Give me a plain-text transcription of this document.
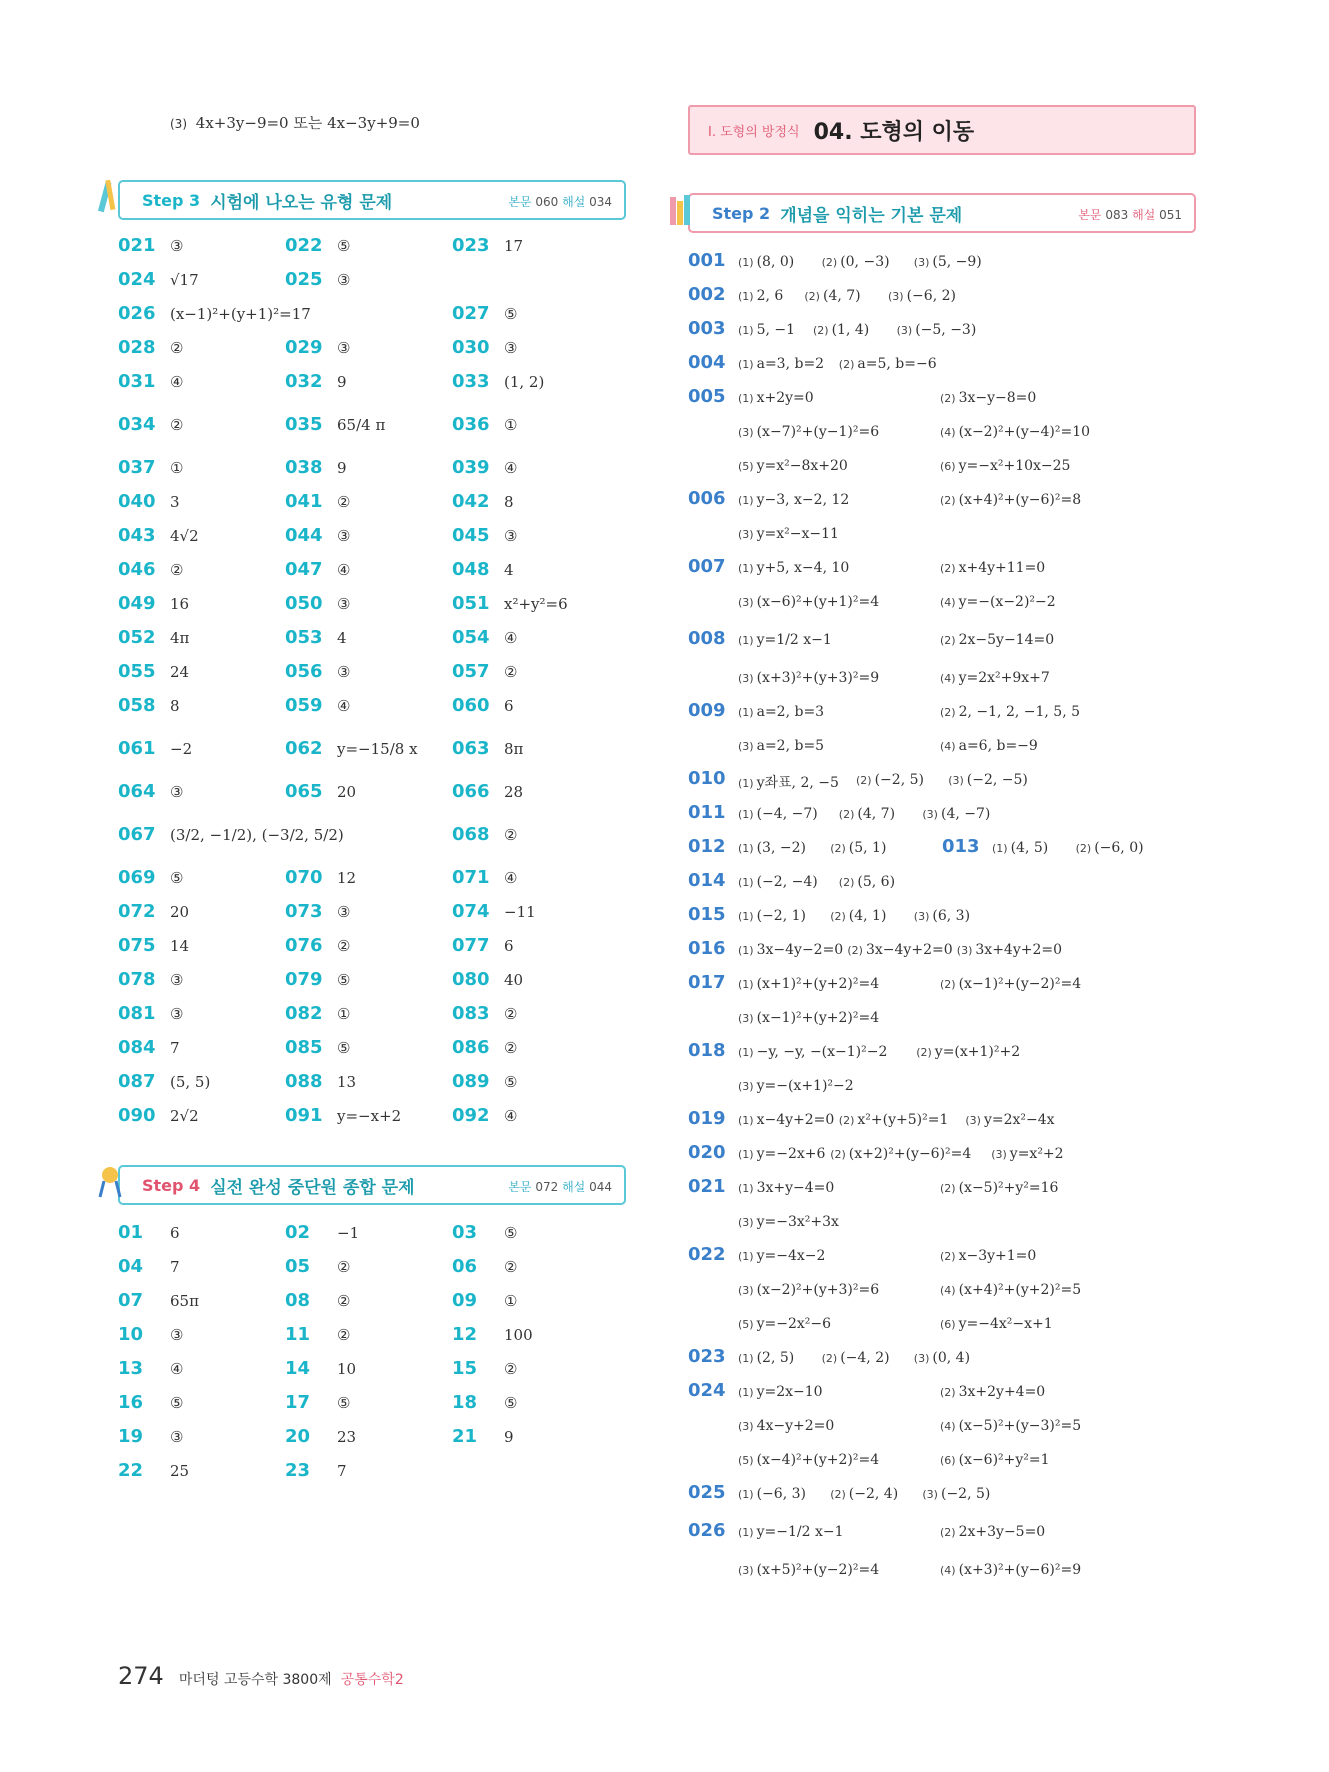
(3) 4x+3y−9=0 또는 4x−3y+9=0
Step 3 시험에 나오는 유형 문제	본문 060 해설 034
021 ③	022 ⑤	023 17
024 √17	025 ③
026 (x−1)²+(y+1)²=17	027 ⑤
028 ②	029 ③	030 ③
031 ④	032 9	033 (1, 2)
034 ②	035 65/4 π	036 ①
037 ①	038 9	039 ④
040 3	041 ②	042 8
043 4√2	044 ③	045 ③
046 ②	047 ④	048 4
049 16	050 ③	051 x²+y²=6
052 4π	053 4	054 ④
055 24	056 ③	057 ②
058 8	059 ④	060 6
061 −2	062 y=−15/8 x 063 8π
064 ③	065 20	066 28
067 (3/2, −1/2), (−3/2, 5/2)	068 ②
069 ⑤	070 12	071 ④
072 20	073 ③	074 −11
075 14	076 ②	077 6
078 ③	079 ⑤	080 40
081 ③	082 ①	083 ②
084 7	085 ⑤	086 ②
087 (5, 5)	088 13	089 ⑤
090 2√2	091 y=−x+2	092 ④
Step 4 실전 완성 중단원 종합 문제	본문 072 해설 044
01 6	02 −1	03 ⑤
04 7	05 ②	06 ②
07 65π	08 ②	09 ①
10 ③	11 ②	12 100
13 ④	14 10	15 ②
16 ⑤	17 ⑤	18 ⑤
19 ③	20 23	21 9
22 25	23 7
Ⅰ. 도형의 방정식 04. 도형의 이동
Step 2 개념을 익히는 기본 문제	본문 083 해설 051
001	(1) (8, 0) (2) (0, −3) (3) (5, −9)
002	(1) 2, 6 (2) (4, 7) (3) (−6, 2)
003	(1) 5, −1 (2) (1, 4) (3) (−5, −3)
004	(1) a=3, b=2 (2) a=5, b=−6
005	(1) x+2y=0	(2) 3x−y−8=0
(3) (x−7)²+(y−1)²=6	(4) (x−2)²+(y−4)²=10
(5) y=x²−8x+20	(6) y=−x²+10x−25
006	(1) y−3, x−2, 12	(2) (x+4)²+(y−6)²=8
(3) y=x²−x−11
007	(1) y+5, x−4, 10	(2) x+4y+11=0
(3) (x−6)²+(y+1)²=4	(4) y=−(x−2)²−2
008	(1) y=1/2 x−1	(2) 2x−5y−14=0
(3) (x+3)²+(y+3)²=9	(4) y=2x²+9x+7
009	(1) a=2, b=3	(2) 2, −1, 2, −1, 5, 5
(3) a=2, b=5	(4) a=6, b=−9
010	(1) y좌표, 2, −5 (2) (−2, 5) (3) (−2, −5)
011	(1) (−4, −7) (2) (4, 7) (3) (4, −7)
012	(1) (3, −2) (2) (5, 1)	013	(1) (4, 5) (2) (−6, 0)
014	(1) (−2, −4) (2) (5, 6)
015	(1) (−2, 1) (2) (4, 1) (3) (6, 3)
016	(1) 3x−4y−2=0 (2) 3x−4y+2=0 (3) 3x+4y+2=0
017	(1) (x+1)²+(y+2)²=4	(2) (x−1)²+(y−2)²=4
(3) (x−1)²+(y+2)²=4
018	(1) −y, −y, −(x−1)²−2	(2) y=(x+1)²+2
(3) y=−(x+1)²−2
019	(1) x−4y+2=0 (2) x²+(y+5)²=1 (3) y=2x²−4x
020	(1) y=−2x+6 (2) (x+2)²+(y−6)²=4 (3) y=x²+2
021	(1) 3x+y−4=0	(2) (x−5)²+y²=16
(3) y=−3x²+3x
022	(1) y=−4x−2	(2) x−3y+1=0
(3) (x−2)²+(y+3)²=6	(4) (x+4)²+(y+2)²=5
(5) y=−2x²−6	(6) y=−4x²−x+1
023	(1) (2, 5) (2) (−4, 2) (3) (0, 4)
024	(1) y=2x−10	(2) 3x+2y+4=0
(3) 4x−y+2=0	(4) (x−5)²+(y−3)²=5
(5) (x−4)²+(y+2)²=4	(6) (x−6)²+y²=1
025	(1) (−6, 3) (2) (−2, 4) (3) (−2, 5)
026	(1) y=−1/2 x−1	(2) 2x+3y−5=0
(3) (x+5)²+(y−2)²=4	(4) (x+3)²+(y−6)²=9
274 마더텅 고등수학 3800제 공통수학2
